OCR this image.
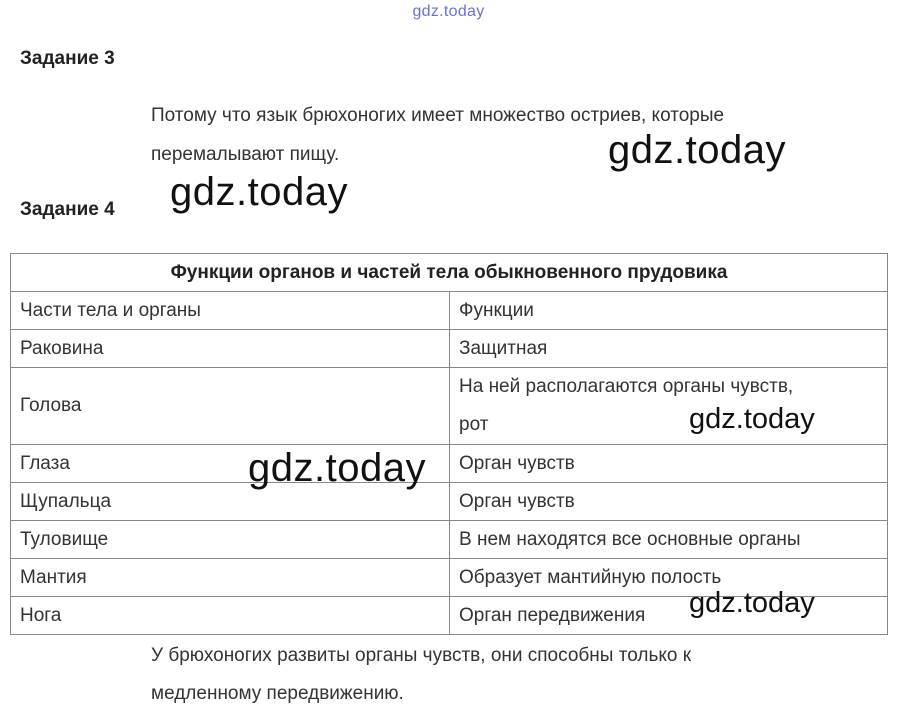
gdz.today
Задание 3
Потому что язык брюхоногих имеет множество остриев, которые
перемалывают пищу.	gdz.today
gdz.today
Задание 4
Функции органов и частей тела обыкновенного прудовика	
Части тела и органы	Функции
Раковина	Защитная
Голова	На ней располагаются органы чувств,
рот
Глаза	Орган чувств
Щупальца	Орган чувств
Туловище	В нем находятся все основные органы
Мантия	Образует мантийную полость
Нога	Орган передвижения
gdz.today
gdz.today
gdz.today
У брюхоногих развиты органы чувств, они способны только к
медленному передвижению.
